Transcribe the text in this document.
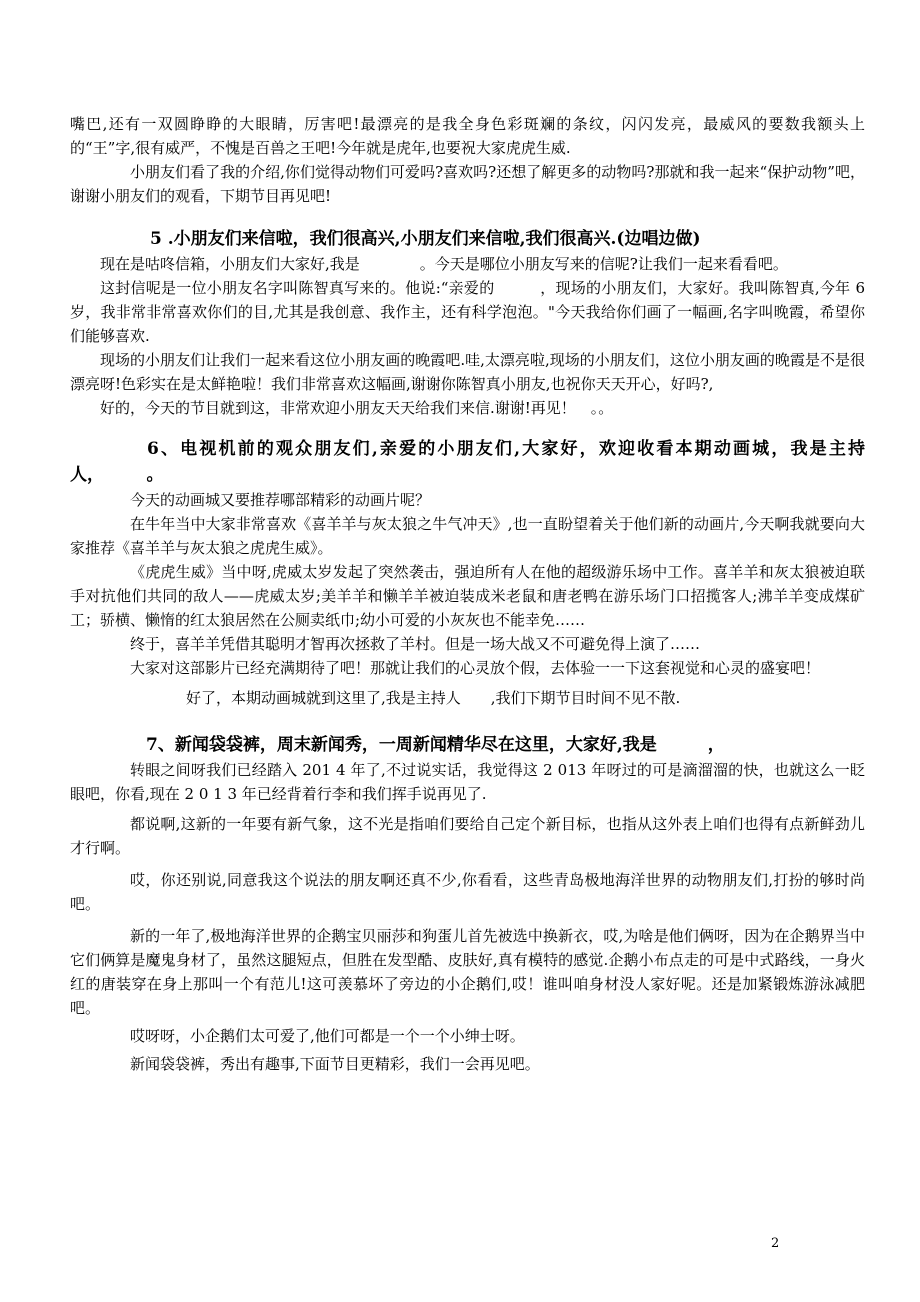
嘴巴,还有一双圆睁睁的大眼睛，厉害吧!最漂亮的是我全身色彩斑斓的条纹，闪闪发亮，最威风的要数我额头上的“王”字,很有威严，不愧是百兽之王吧!今年就是虎年,也要祝大家虎虎生威.

小朋友们看了我的介绍,你们觉得动物们可爱吗?喜欢吗?还想了解更多的动物吗?那就和我一起来“保护动物”吧，谢谢小朋友们的观看，下期节目再见吧!

5 .小朋友们来信啦，我们很高兴,小朋友们来信啦,我们很高兴.(边唱边做)

现在是咕咚信箱，小朋友们大家好,我是　　　　。今天是哪位小朋友写来的信呢?让我们一起来看看吧。

这封信呢是一位小朋友名字叫陈智真写来的。他说:“亲爱的　　　，现场的小朋友们，大家好。我叫陈智真,今年 6 岁，我非常非常喜欢你们的目,尤其是我创意、我作主，还有科学泡泡。"今天我给你们画了一幅画,名字叫晚霞，希望你们能够喜欢.

现场的小朋友们让我们一起来看这位小朋友画的晚霞吧.哇,太漂亮啦,现场的小朋友们，这位小朋友画的晚霞是不是很漂亮呀!色彩实在是太鲜艳啦！我们非常喜欢这幅画,谢谢你陈智真小朋友,也祝你天天开心，好吗?,

好的，今天的节目就到这，非常欢迎小朋友天天给我们来信.谢谢!再见！　。。

6、电视机前的观众朋友们,亲爱的小朋友们,大家好，欢迎收看本期动画城，我是主持人，　　　。

今天的动画城又要推荐哪部精彩的动画片呢？

在牛年当中大家非常喜欢《喜羊羊与灰太狼之牛气冲天》,也一直盼望着关于他们新的动画片,今天啊我就要向大家推荐《喜羊羊与灰太狼之虎虎生威》。

《虎虎生威》当中呀,虎威太岁发起了突然袭击，强迫所有人在他的超级游乐场中工作。喜羊羊和灰太狼被迫联手对抗他们共同的敌人——虎威太岁;美羊羊和懒羊羊被迫装成米老鼠和唐老鸭在游乐场门口招揽客人;沸羊羊变成煤矿工；骄横、懒惰的红太狼居然在公厕卖纸巾;幼小可爱的小灰灰也不能幸免……

终于，喜羊羊凭借其聪明才智再次拯救了羊村。但是一场大战又不可避免得上演了……

大家对这部影片已经充满期待了吧！那就让我们的心灵放个假，去体验一一下这套视觉和心灵的盛宴吧！

好了，本期动画城就到这里了,我是主持人　　,我们下期节目时间不见不散.

7、新闻袋袋裤，周末新闻秀，一周新闻精华尽在这里，大家好,我是　　　，

转眼之间呀我们已经踏入 201 4 年了,不过说实话，我觉得这 2 013 年呀过的可是滴溜溜的快，也就这么一眨眼吧，你看,现在 2 0 1 3 年已经背着行李和我们挥手说再见了.

都说啊,这新的一年要有新气象，这不光是指咱们要给自己定个新目标，也指从这外表上咱们也得有点新鲜劲儿才行啊。

哎，你还别说,同意我这个说法的朋友啊还真不少,你看看，这些青岛极地海洋世界的动物朋友们,打扮的够时尚吧。

新的一年了,极地海洋世界的企鹅宝贝丽莎和狗蛋儿首先被选中换新衣，哎,为啥是他们俩呀，因为在企鹅界当中它们俩算是魔鬼身材了，虽然这腿短点，但胜在发型酷、皮肤好,真有模特的感觉.企鹅小布点走的可是中式路线，一身火红的唐装穿在身上那叫一个有范儿!这可羡慕坏了旁边的小企鹅们,哎！谁叫咱身材没人家好呢。还是加紧锻炼游泳减肥吧。

哎呀呀，小企鹅们太可爱了,他们可都是一个一个小绅士呀。

新闻袋袋裤，秀出有趣事,下面节目更精彩，我们一会再见吧。

2
